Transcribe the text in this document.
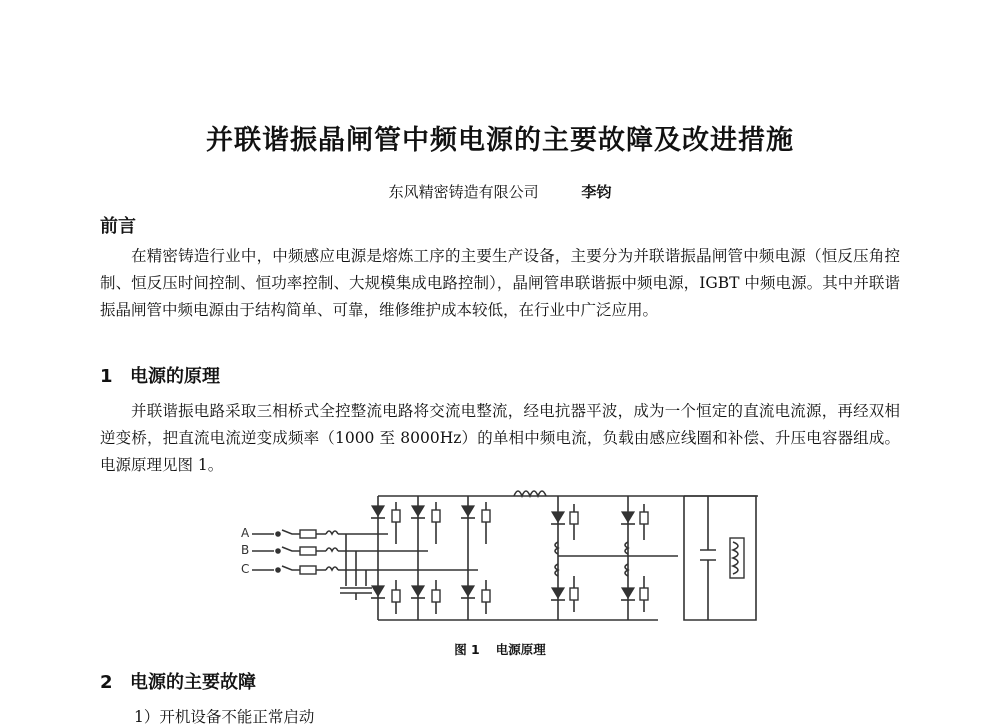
并联谐振晶闸管中频电源的主要故障及改进措施
东风精密铸造有限公司	李钧
前言
在精密铸造行业中，中频感应电源是熔炼工序的主要生产设备，主要分为并联谐振晶闸管中频电源（恒反压角控制、恒反压时间控制、恒功率控制、大规模集成电路控制），晶闸管串联谐振中频电源，IGBT 中频电源。其中并联谐振晶闸管中频电源由于结构简单、可靠，维修维护成本较低，在行业中广泛应用。
1 电源的原理
并联谐振电路采取三相桥式全控整流电路将交流电整流，经电抗器平波，成为一个恒定的直流电流源，再经双相逆变桥，把直流电流逆变成频率（1000 至 8000Hz）的单相中频电流，负载由感应线圈和补偿、升压电容器组成。电源原理见图 1。
A
B
C
图 1 电源原理
2 电源的主要故障
1）开机设备不能正常启动
